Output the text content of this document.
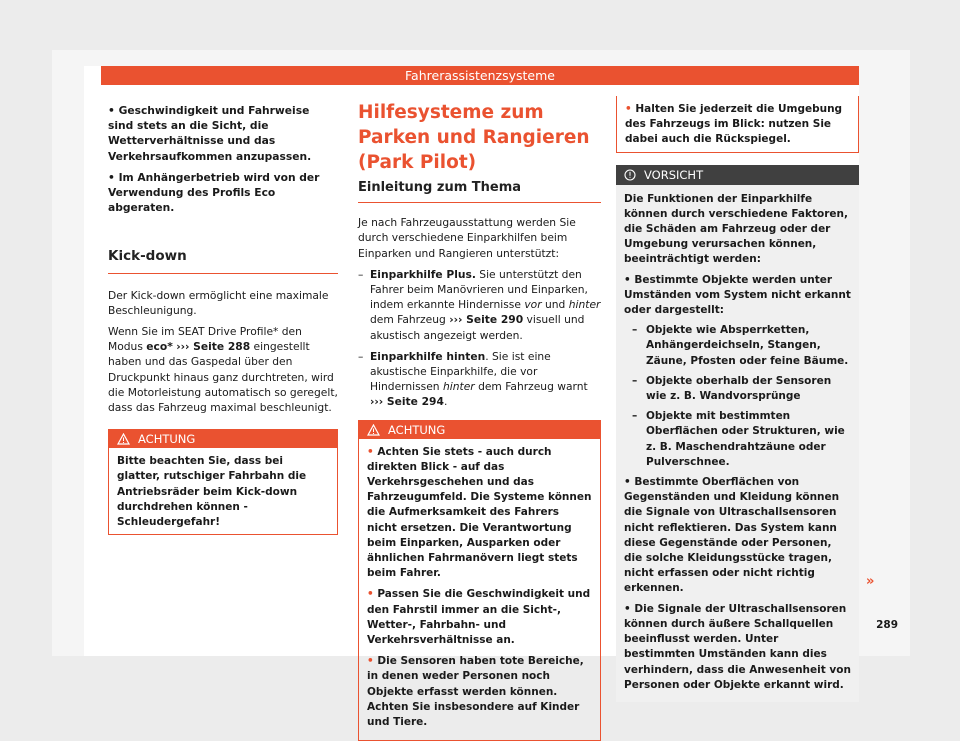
Fahrerassistenzsysteme
• Geschwindigkeit und Fahrweise sind stets an die Sicht, die Wetterverhältnisse und das Verkehrsaufkommen anzupassen.
• Im Anhängerbetrieb wird von der Verwendung des Profils Eco abgeraten.
Kick-down

Der Kick-down ermöglicht eine maximale Beschleunigung.

Wenn Sie im SEAT Drive Profile* den Modus eco* ››› Seite 288 eingestellt haben und das Gaspedal über den Druckpunkt hinaus ganz durchtreten, wird die Motorleistung automatisch so geregelt, dass das Fahrzeug maximal beschleunigt.

ACHTUNG
Bitte beachten Sie, dass bei glatter, rutschiger Fahrbahn die Antriebsräder beim Kick-down durchdrehen können - Schleudergefahr!
Hilfesysteme zum Parken und Rangieren (Park Pilot)
Einleitung zum Thema

Je nach Fahrzeugausstattung werden Sie durch verschiedene Einparkhilfen beim Einparken und Rangieren unterstützt:

– Einparkhilfe Plus. Sie unterstützt den Fahrer beim Manövrieren und Einparken, indem erkannte Hindernisse vor und hinter dem Fahrzeug ››› Seite 290 visuell und akustisch angezeigt werden.

– Einparkhilfe hinten. Sie ist eine akustische Einparkhilfe, die vor Hindernissen hinter dem Fahrzeug warnt ››› Seite 294.

ACHTUNG

• Achten Sie stets - auch durch direkten Blick - auf das Verkehrsgeschehen und das Fahrzeugumfeld. Die Systeme können die Aufmerksamkeit des Fahrers nicht ersetzen. Die Verantwortung beim Einparken, Ausparken oder ähnlichen Fahrmanövern liegt stets beim Fahrer.

• Passen Sie die Geschwindigkeit und den Fahrstil immer an die Sicht-, Wetter-, Fahrbahn- und Verkehrsverhältnisse an.

• Die Sensoren haben tote Bereiche, in denen weder Personen noch Objekte erfasst werden können. Achten Sie insbesondere auf Kinder und Tiere.

• Halten Sie jederzeit die Umgebung des Fahrzeugs im Blick: nutzen Sie dabei auch die Rückspiegel.
VORSICHT

Die Funktionen der Einparkhilfe können durch verschiedene Faktoren, die Schäden am Fahrzeug oder der Umgebung verursachen können, beeinträchtigt werden:

• Bestimmte Objekte werden unter Umständen vom System nicht erkannt oder dargestellt:

– Objekte wie Absperrketten, Anhängerdeichseln, Stangen, Zäune, Pfosten oder feine Bäume.
– Objekte oberhalb der Sensoren wie z. B. Wandvorsprünge
– Objekte mit bestimmten Oberflächen oder Strukturen, wie z. B. Maschendrahtzäune oder Pulverschnee.

• Bestimmte Oberflächen von Gegenständen und Kleidung können die Signale von Ultraschallsensoren nicht reflektieren. Das System kann diese Gegenstände oder Personen, die solche Kleidungsstücke tragen, nicht erfassen oder nicht richtig erkennen.

• Die Signale der Ultraschallsensoren können durch äußere Schallquellen beeinflusst werden. Unter bestimmten Umständen kann dies verhindern, dass die Anwesenheit von Personen oder Objekte erkannt wird.

»
289
